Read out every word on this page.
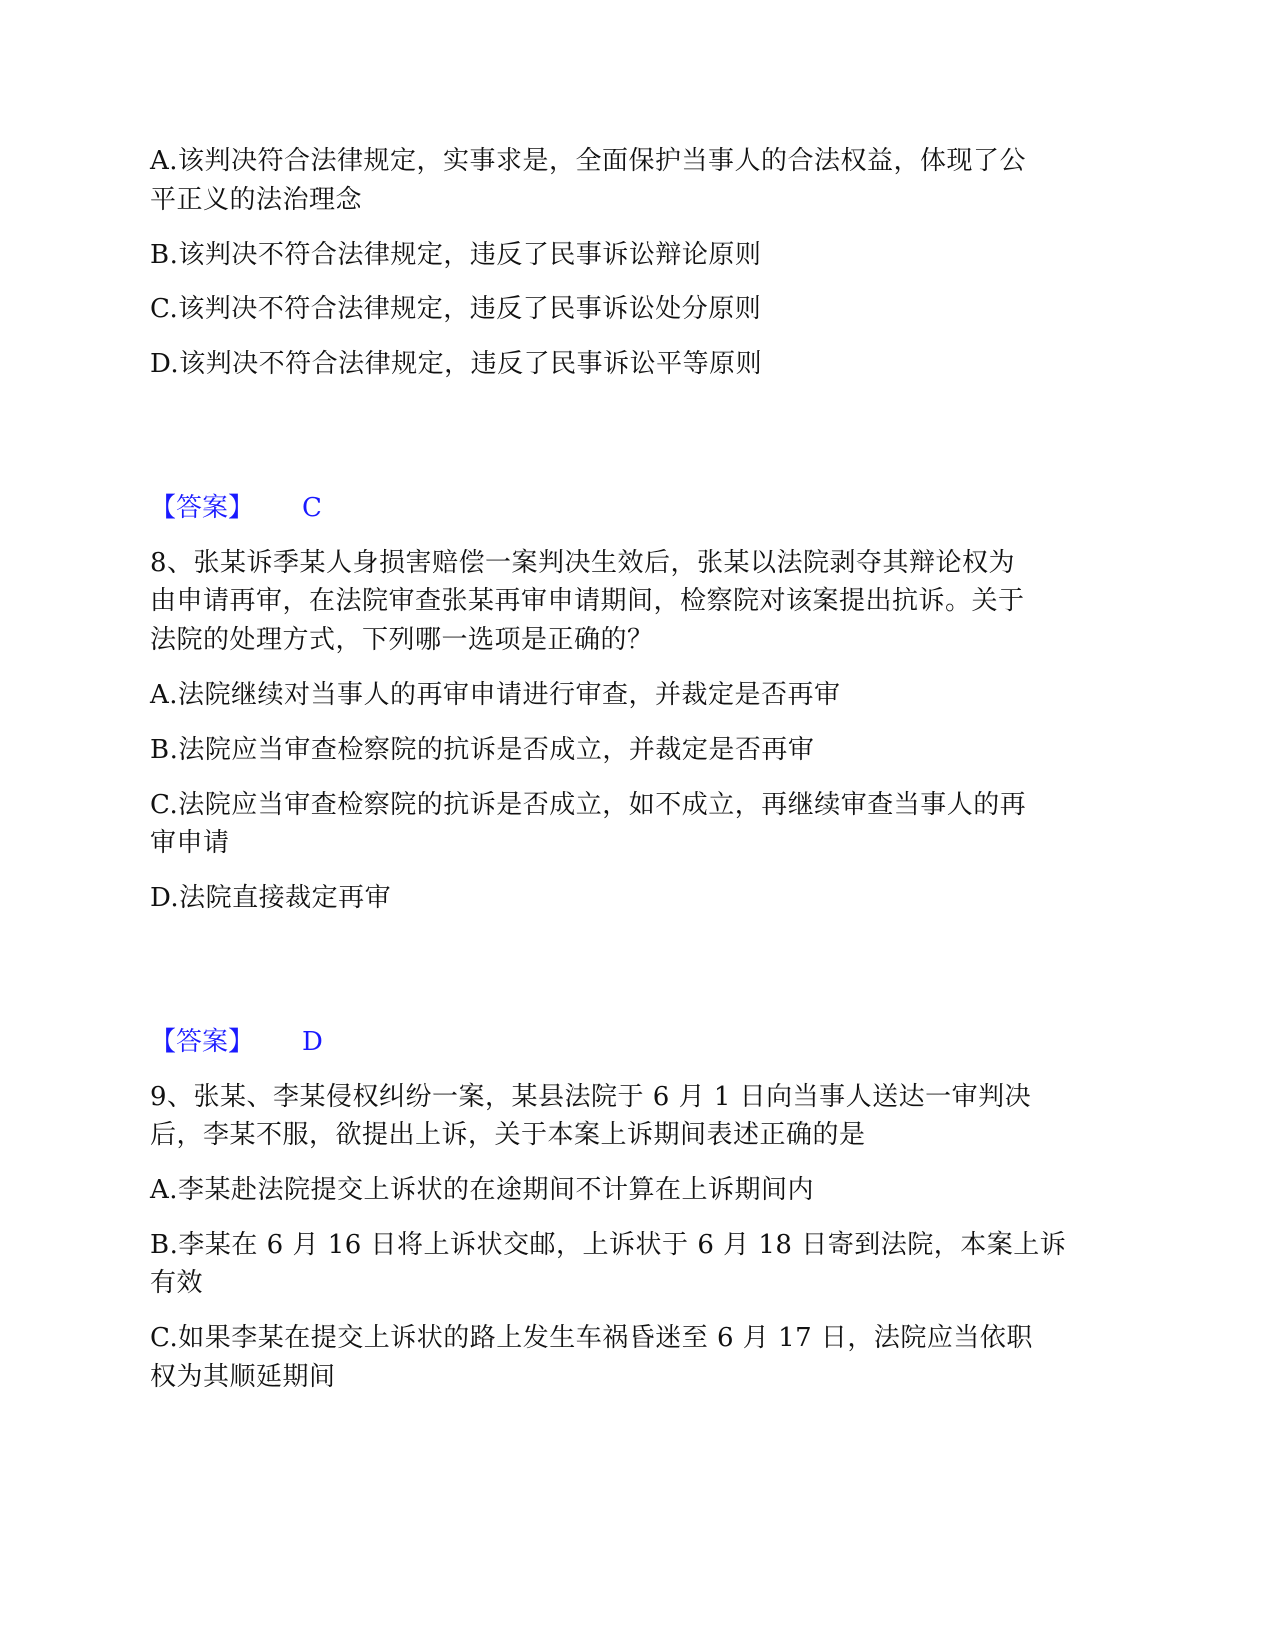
A.该判决符合法律规定，实事求是，全面保护当事人的合法权益，体现了公
平正义的法治理念
B.该判决不符合法律规定，违反了民事诉讼辩论原则
C.该判决不符合法律规定，违反了民事诉讼处分原则
D.该判决不符合法律规定，违反了民事诉讼平等原则
【答案】 C
8、张某诉季某人身损害赔偿一案判决生效后，张某以法院剥夺其辩论权为
由申请再审，在法院审查张某再审申请期间，检察院对该案提出抗诉。关于
法院的处理方式，下列哪一选项是正确的？
A.法院继续对当事人的再审申请进行审查，并裁定是否再审
B.法院应当审查检察院的抗诉是否成立，并裁定是否再审
C.法院应当审查检察院的抗诉是否成立，如不成立，再继续审查当事人的再
审申请
D.法院直接裁定再审
【答案】 D
9、张某、李某侵权纠纷一案，某县法院于 6 月 1 日向当事人送达一审判决
后，李某不服，欲提出上诉，关于本案上诉期间表述正确的是
A.李某赴法院提交上诉状的在途期间不计算在上诉期间内
B.李某在 6 月 16 日将上诉状交邮，上诉状于 6 月 18 日寄到法院，本案上诉
有效
C.如果李某在提交上诉状的路上发生车祸昏迷至 6 月 17 日，法院应当依职
权为其顺延期间
